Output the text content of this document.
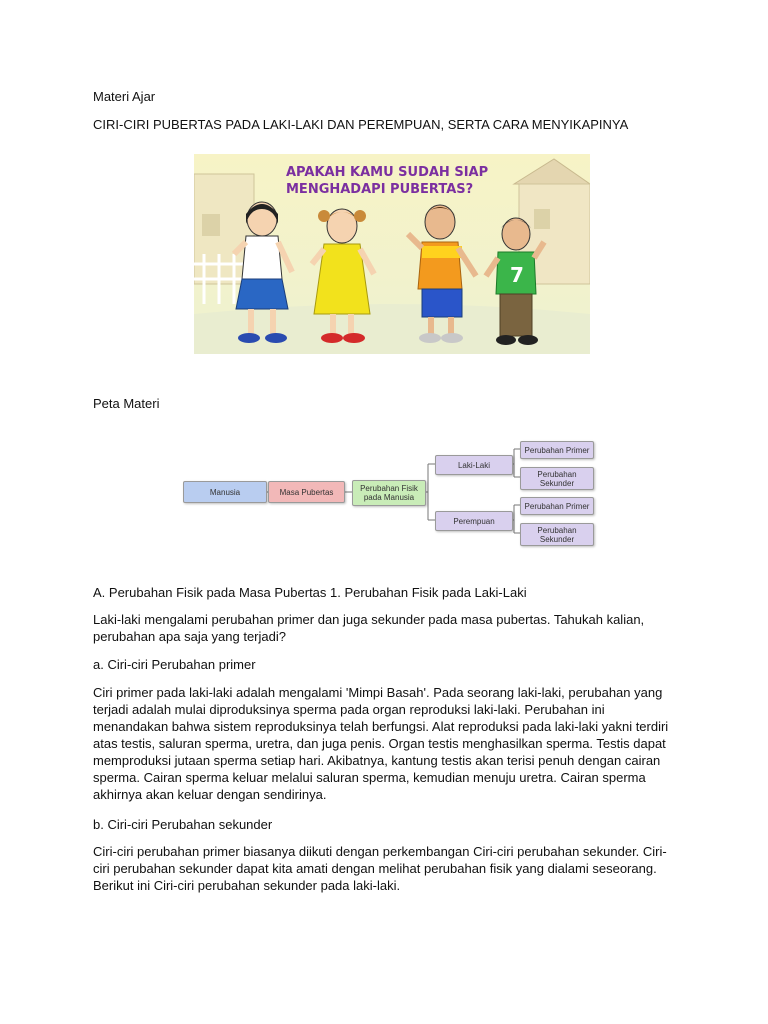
Materi Ajar
CIRI-CIRI PUBERTAS PADA LAKI-LAKI DAN PEREMPUAN, SERTA CARA MENYIKAPINYA
APAKAH KAMU SUDAH SIAP
MENGHADAPI PUBERTAS?
7
Peta Materi
Manusia	Masa Pubertas	Perubahan Fisik
pada Manusia
Laki-Laki
Perempuan
Perubahan Primer
Perubahan
Sekunder
Perubahan Primer
Perubahan
Sekunder
A. Perubahan Fisik pada Masa Pubertas 1. Perubahan Fisik pada Laki-Laki

Laki-laki mengalami perubahan primer dan juga sekunder pada masa pubertas. Tahukah kalian,

perubahan apa saja yang terjadi?

a. Ciri-ciri Perubahan primer

Ciri primer pada laki-laki adalah mengalami 'Mimpi Basah'. Pada seorang laki-laki, perubahan yang

terjadi adalah mulai diproduksinya sperma pada organ reproduksi laki-laki. Perubahan ini

menandakan bahwa sistem reproduksinya telah berfungsi. Alat reproduksi pada laki-laki yakni terdiri

atas testis, saluran sperma, uretra, dan juga penis. Organ testis menghasilkan sperma. Testis dapat

memproduksi jutaan sperma setiap hari. Akibatnya, kantung testis akan terisi penuh dengan cairan

sperma. Cairan sperma keluar melalui saluran sperma, kemudian menuju uretra. Cairan sperma

akhirnya akan keluar dengan sendirinya.

b. Ciri-ciri Perubahan sekunder

Ciri-ciri perubahan primer biasanya diikuti dengan perkembangan Ciri-ciri perubahan sekunder. Ciri-

ciri perubahan sekunder dapat kita amati dengan melihat perubahan fisik yang dialami seseorang.

Berikut ini Ciri-ciri perubahan sekunder pada laki-laki.
